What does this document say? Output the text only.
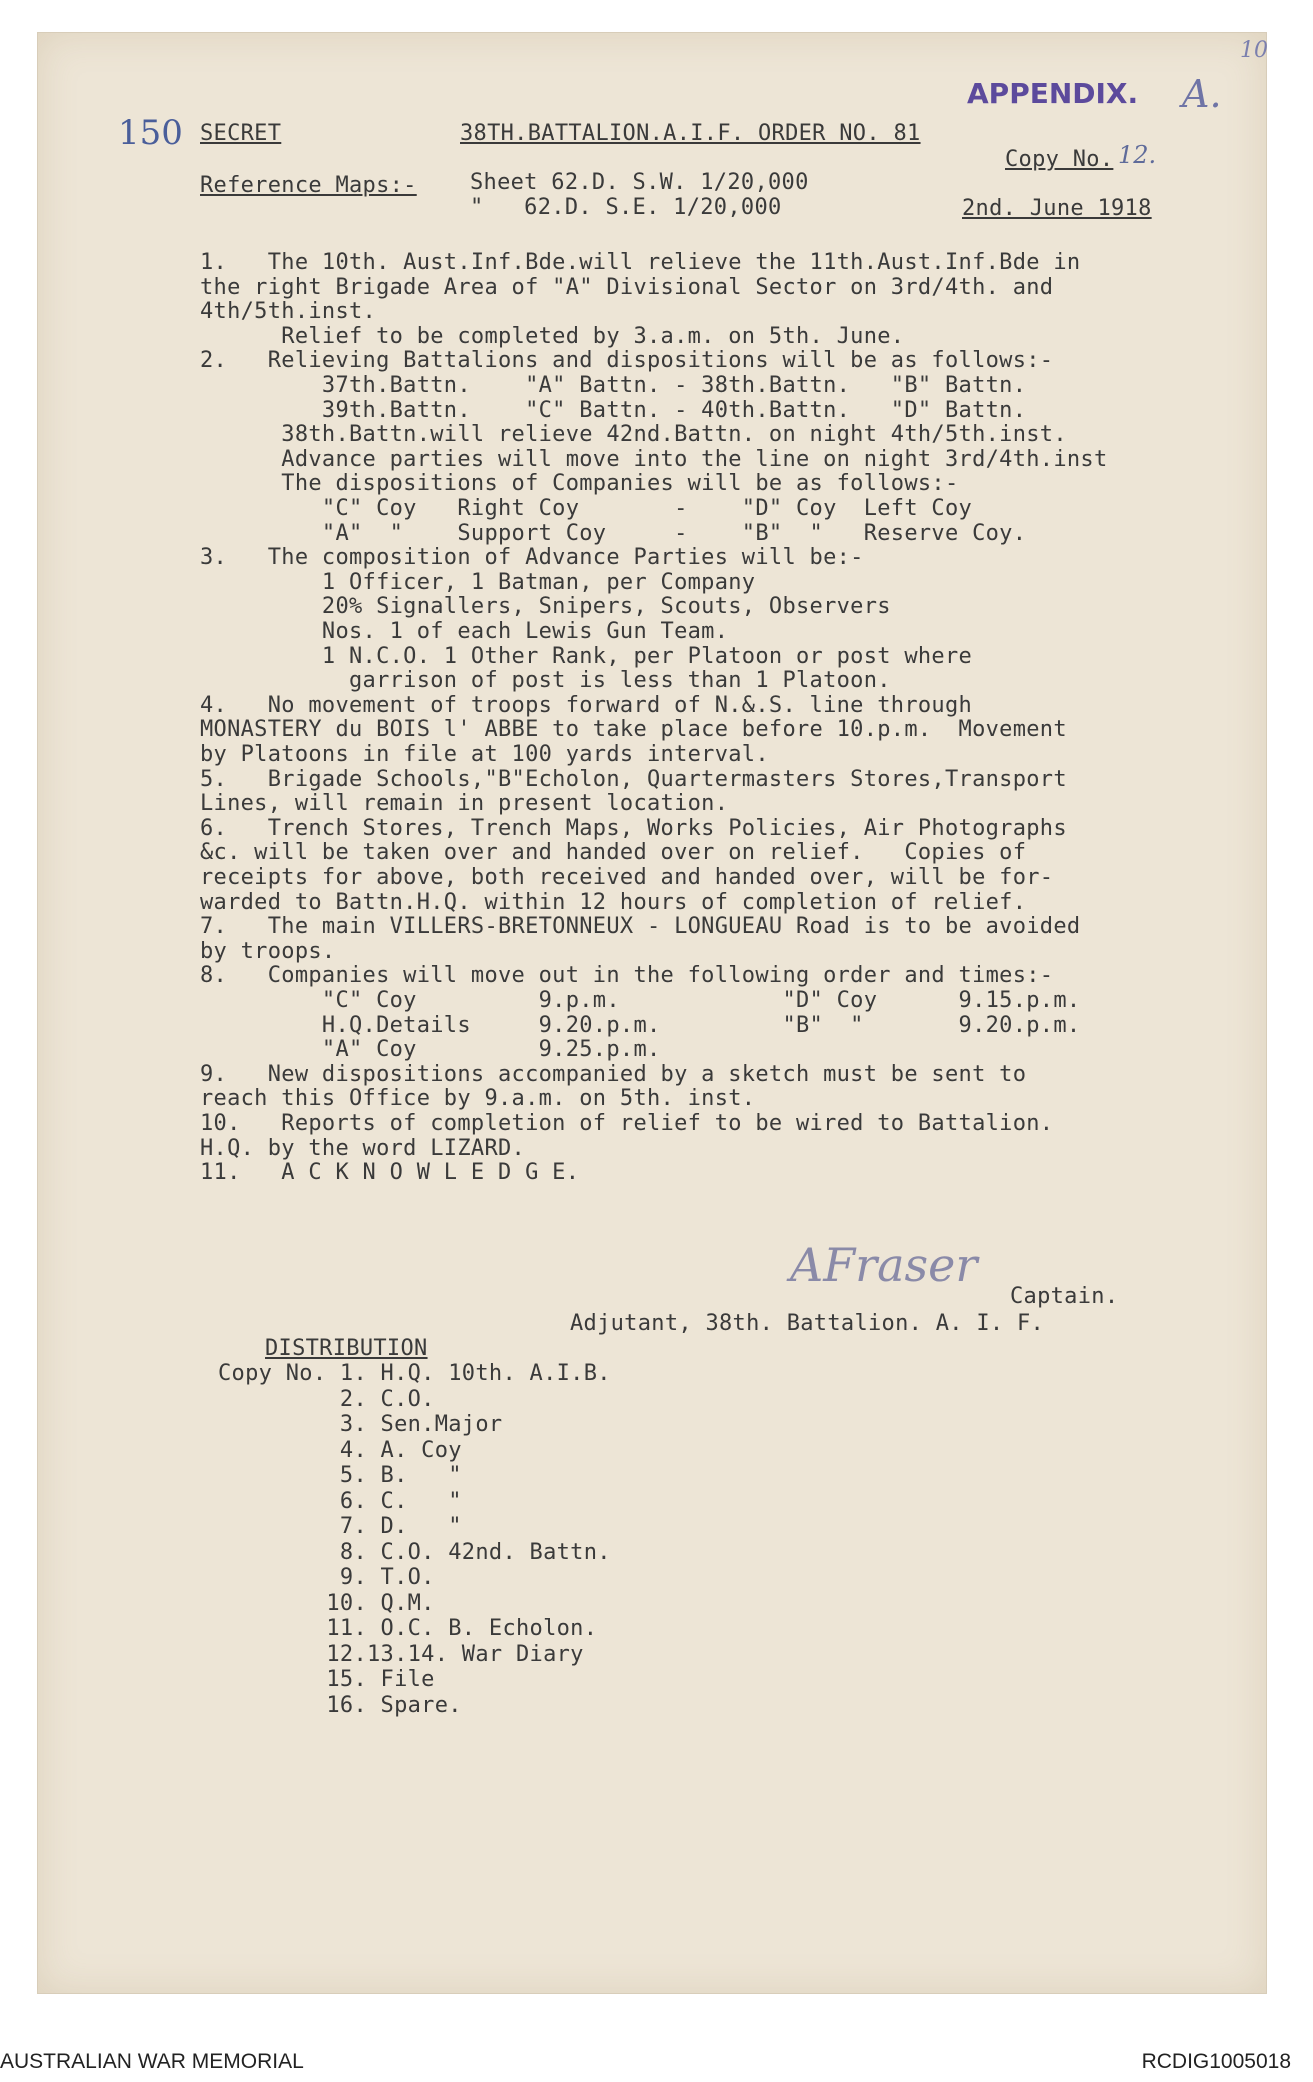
150
APPENDIX. A.
10
SECRET	38TH.BATTALION.A.I.F. ORDER NO. 81
Copy No. 12.
Reference Maps:- Sheet 62.D. S.W. 1/20,000
"   62.D. S.E. 1/20,000	2nd. June 1918
1.   The 10th. Aust.Inf.Bde.will relieve the 11th.Aust.Inf.Bde in
the right Brigade Area of "A" Divisional Sector on 3rd/4th. and
4th/5th.inst.
Relief to be completed by 3.a.m. on 5th. June.
2.   Relieving Battalions and dispositions will be as follows:-
37th.Battn.    "A" Battn. - 38th.Battn.   "B" Battn.
39th.Battn.    "C" Battn. - 40th.Battn.   "D" Battn.
38th.Battn.will relieve 42nd.Battn. on night 4th/5th.inst.
Advance parties will move into the line on night 3rd/4th.inst
The dispositions of Companies will be as follows:-
"C" Coy   Right Coy       -    "D" Coy  Left Coy
"A"  "    Support Coy     -    "B"  "   Reserve Coy.
3.   The composition of Advance Parties will be:-
1 Officer, 1 Batman, per Company
20% Signallers, Snipers, Scouts, Observers
Nos. 1 of each Lewis Gun Team.
1 N.C.O. 1 Other Rank, per Platoon or post where
garrison of post is less than 1 Platoon.
4.   No movement of troops forward of N.&.S. line through
MONASTERY du BOIS l' ABBE to take place before 10.p.m.  Movement
by Platoons in file at 100 yards interval.
5.   Brigade Schools,"B"Echolon, Quartermasters Stores,Transport
Lines, will remain in present location.
6.   Trench Stores, Trench Maps, Works Policies, Air Photographs
&c. will be taken over and handed over on relief.   Copies of
receipts for above, both received and handed over, will be for-
warded to Battn.H.Q. within 12 hours of completion of relief.
7.   The main VILLERS-BRETONNEUX - LONGUEAU Road is to be avoided
by troops.
8.   Companies will move out in the following order and times:-
"C" Coy         9.p.m.            "D" Coy      9.15.p.m.
H.Q.Details     9.20.p.m.         "B"  "       9.20.p.m.
"A" Coy         9.25.p.m.
9.   New dispositions accompanied by a sketch must be sent to
reach this Office by 9.a.m. on 5th. inst.
10.   Reports of completion of relief to be wired to Battalion.
H.Q. by the word LIZARD.
11.   A C K N O W L E D G E.
AFraser
Captain.
Adjutant, 38th. Battalion. A. I. F.
DISTRIBUTION
Copy No. 1. H.Q. 10th. A.I.B.
2. C.O.
3. Sen.Major
4. A. Coy
5. B.   "
6. C.   "
7. D.   "
8. C.O. 42nd. Battn.
9. T.O.
10. Q.M.
11. O.C. B. Echolon.
12.13.14. War Diary
15. File
16. Spare.
AUSTRALIAN WAR MEMORIAL	RCDIG1005018
